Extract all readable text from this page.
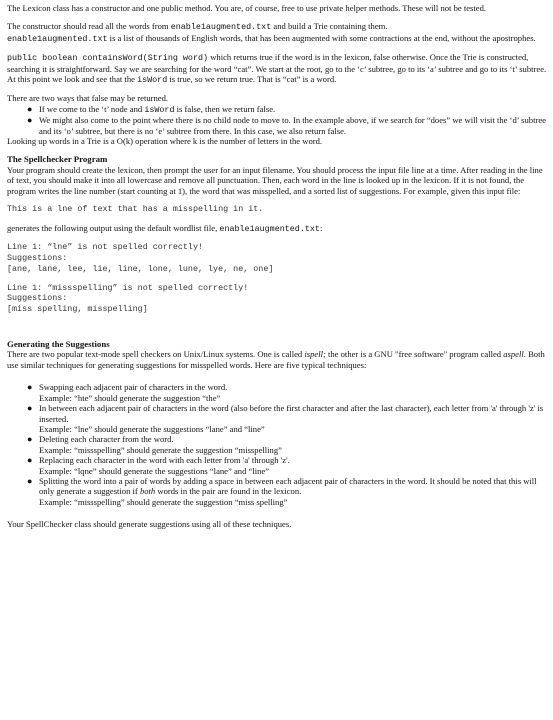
The Lexicon class has a constructor and one public method. You are, of course, free to use private helper methods. These will not be tested.

The constructor should read all the words from enable1augmented.txt and build a Trie containing them.
enable1augmented.txt is a list of thousands of English words, that has been augmented with some contractions at the end, without the apostrophes.

public boolean containsWord(String word) which returns true if the word is in the lexicon, false otherwise. Once the Trie is constructed, searching it is straightforward. Say we are searching for the word “cat”. We start at the root, go to the ‘c’ subtree, go to its ‘a’ subtree and go to its ‘t’ subtree. At this point we look and see that the isWord is true, so we return true. That is “cat” is a word.

There are two ways that false may be returned.
● If we come to the ‘t’ node and isWord is false, then we return false.
● We might also come to the point where there is no child node to move to. In the example above, if we search for “does” we will visit the ‘d’ subtree and its ‘o’ subtree, but there is no ‘e’ subtree from there. In this case, we also return false.
Looking up words in a Trie is a O(k) operation where k is the number of letters in the word.
The Spellchecker Program

Your program should create the lexicon, then prompt the user for an input filename. You should process the input file line at a time. After reading in the line of text, you should make it into all lowercase and remove all punctuation. Then, each word in the line is looked up in the lexicon. If it is not found, the program writes the line number (start counting at 1), the word that was misspelled, and a sorted list of suggestions. For example, given this input file:

This is a lne of text that has a misspelling in it.

generates the following output using the default wordlist file, enable1augmented.txt:

Line 1: “lne” is not spelled correctly!
Suggestions:
[ane, lane, lee, lie, line, lone, lune, lye, ne, one]
Line 1: “missspelling” is not spelled correctly!
Suggestions:
[miss spelling, misspelling]
Generating the Suggestions

There are two popular text-mode spell checkers on Unix/Linux systems. One is called ispell; the other is a GNU "free software" program called aspell. Both use similar techniques for generating suggestions for misspelled words. Here are five typical techniques:

● Swapping each adjacent pair of characters in the word.
Example: “hte” should generate the suggestion “the”
● In between each adjacent pair of characters in the word (also before the first character and after the last character), each letter from 'a' through 'z' is inserted.
Example: “lne” should generate the suggestions “lane” and “line”
● Deleting each character from the word.
Example: “missspelling” should generate the suggestion “misspelling”
● Replacing each character in the word with each letter from 'a' through 'z'.
Example: “lqne” should generate the suggestions “lane” and “line”
● Splitting the word into a pair of words by adding a space in between each adjacent pair of characters in the word. It should be noted that this will only generate a suggestion if both words in the pair are found in the lexicon.
Example: “missspelling” should generate the suggestion “miss spelling”

Your SpellChecker class should generate suggestions using all of these techniques.
